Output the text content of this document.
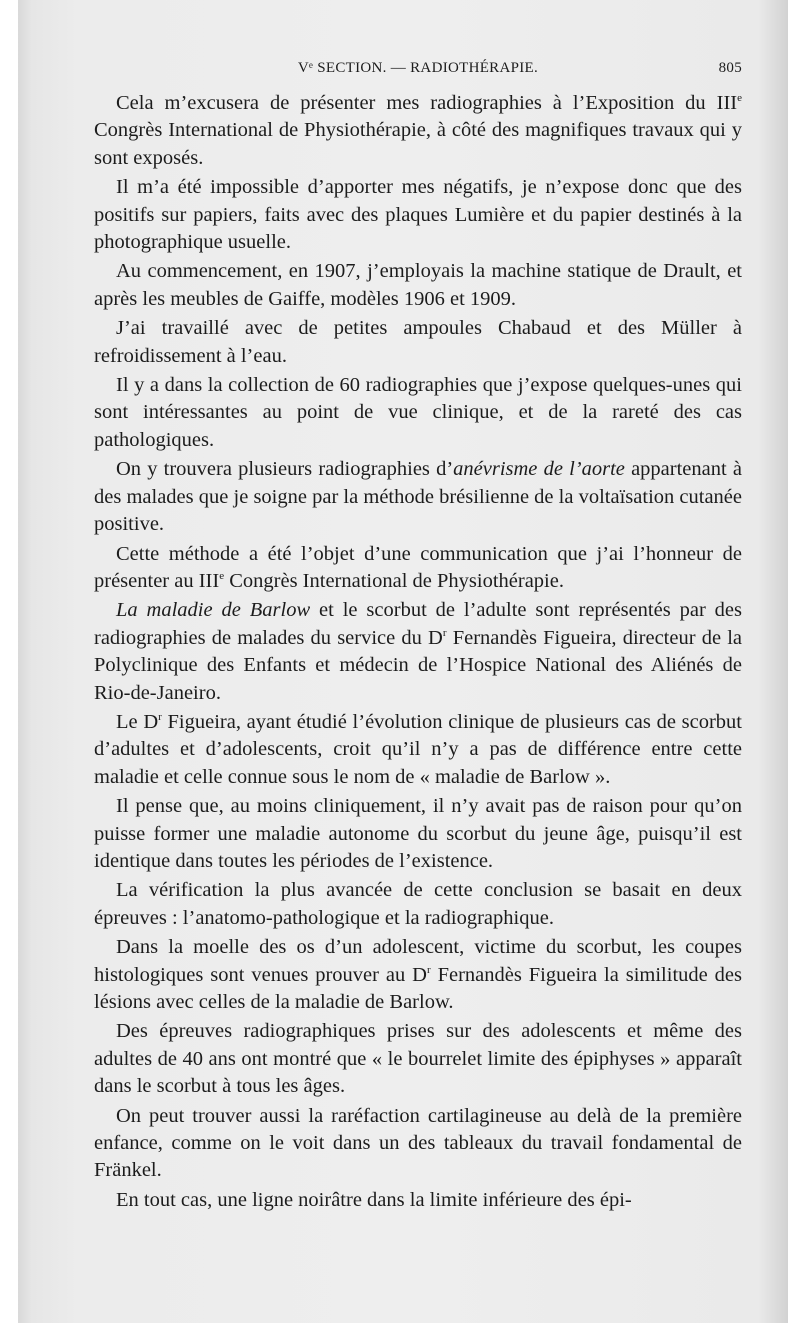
Vᵉ SECTION. — RADIOTHÉRAPIE.	805

Cela m’excusera de présenter mes radiographies à l’Exposition du IIIe Congrès International de Physiothérapie, à côté des magnifiques travaux qui y sont exposés.

Il m’a été impossible d’apporter mes négatifs, je n’expose donc que des positifs sur papiers, faits avec des plaques Lumière et du papier destinés à la photographique usuelle.

Au commencement, en 1907, j’employais la machine statique de Drault, et après les meubles de Gaiffe, modèles 1906 et 1909.

J’ai travaillé avec de petites ampoules Chabaud et des Müller à refroidissement à l’eau.

Il y a dans la collection de 60 radiographies que j’expose quelques-unes qui sont intéressantes au point de vue clinique, et de la rareté des cas pathologiques.

On y trouvera plusieurs radiographies d’anévrisme de l’aorte appartenant à des malades que je soigne par la méthode brésilienne de la voltaïsation cutanée positive.

Cette méthode a été l’objet d’une communication que j’ai l’honneur de présenter au IIIe Congrès International de Physiothérapie.

La maladie de Barlow et le scorbut de l’adulte sont représentés par des radiographies de malades du service du $D^r$ Fernandès Figueira, directeur de la Polyclinique des Enfants et médecin de l’Hospice National des Aliénés de Rio-de-Janeiro.

Le $D^r$ Figueira, ayant étudié l’évolution clinique de plusieurs cas de scorbut d’adultes et d’adolescents, croit qu’il n’y a pas de différence entre cette maladie et celle connue sous le nom de « maladie de Barlow ».

Il pense que, au moins cliniquement, il n’y avait pas de raison pour qu’on puisse former une maladie autonome du scorbut du jeune âge, puisqu’il est identique dans toutes les périodes de l’existence.

La vérification la plus avancée de cette conclusion se basait en deux épreuves : l’anatomo-pathologique et la radiographique.

Dans la moelle des os d’un adolescent, victime du scorbut, les coupes histologiques sont venues prouver au $D^r$ Fernandès Figueira la similitude des lésions avec celles de la maladie de Barlow.

Des épreuves radiographiques prises sur des adolescents et même des adultes de 40 ans ont montré que « le bourrelet limite des épiphyses » apparaît dans le scorbut à tous les âges.

On peut trouver aussi la raréfaction cartilagineuse au delà de la première enfance, comme on le voit dans un des tableaux du travail fondamental de Fränkel.

En tout cas, une ligne noirâtre dans la limite inférieure des épi-
